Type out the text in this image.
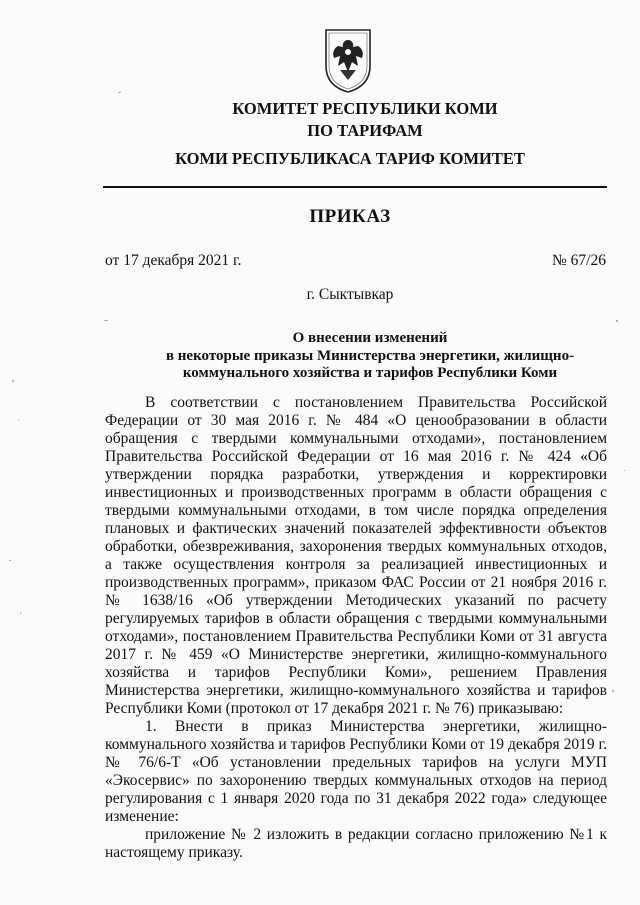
КОМИТЕТ РЕСПУБЛИКИ КОМИ
ПО ТАРИФАМ
КОМИ РЕСПУБЛИКАСА ТАРИФ КОМИТЕТ
ПРИКАЗ
от 17 декабря 2021 г.	№ 67/26
г. Сыктывкар
О внесении изменений
в некоторые приказы Министерства энергетики, жилищно-
коммунального хозяйства и тарифов Республики Коми

В соответствии с постановлением Правительства Российской Федерации от 30 мая 2016 г. № 484 «О ценообразовании в области обращения с твердыми коммунальными отходами», постановлением Правительства Российской Федерации от 16 мая 2016 г. № 424 «Об утверждении порядка разработки, утверждения и корректировки инвестиционных и производственных программ в области обращения с твердыми коммунальными отходами, в том числе порядка определения плановых и фактических значений показателей эффективности объектов обработки, обезвреживания, захоронения твердых коммунальных отходов, а также осуществления контроля за реализацией инвестиционных и производственных программ», приказом ФАС России от 21 ноября 2016 г. № 1638/16 «Об утверждении Методических указаний по расчету регулируемых тарифов в области обращения с твердыми коммунальными отходами», постановлением Правительства Республики Коми от 31 августа 2017 г. № 459 «О Министерстве энергетики, жилищно-коммунального хозяйства и тарифов Республики Коми», решением Правления Министерства энергетики, жилищно-коммунального хозяйства и тарифов Республики Коми (протокол от 17 декабря 2021 г. № 76) приказываю:

1. Внести в приказ Министерства энергетики, жилищно-коммунального хозяйства и тарифов Республики Коми от 19 декабря 2019 г. № 76/6-Т «Об установлении предельных тарифов на услуги МУП «Экосервис» по захоронению твердых коммунальных отходов на период регулирования с 1 января 2020 года по 31 декабря 2022 года» следующее изменение:

приложение № 2 изложить в редакции согласно приложению №1 к настоящему приказу.
